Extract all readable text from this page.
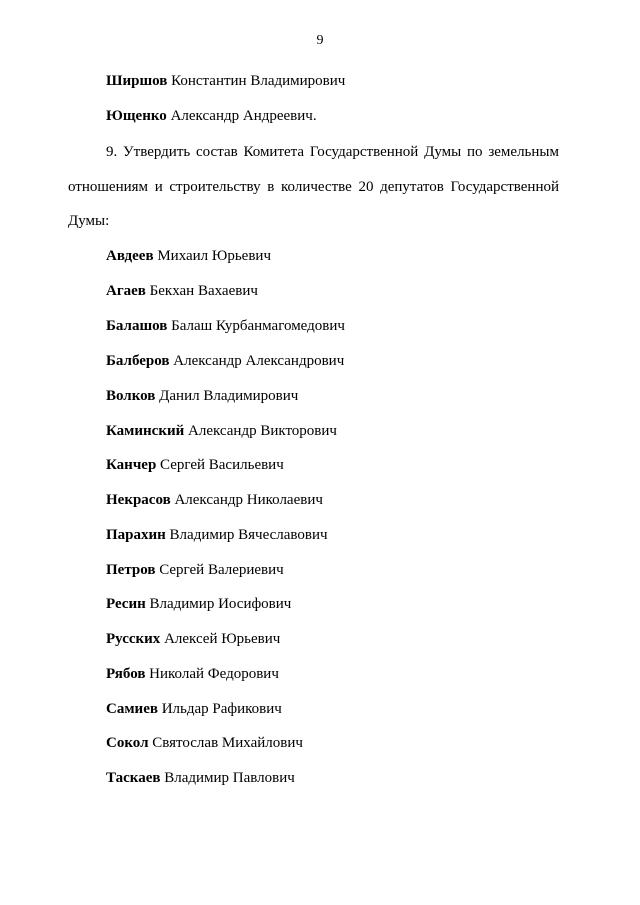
9
Ширшов Константин Владимирович
Ющенко Александр Андреевич.
9. Утвердить состав Комитета Государственной Думы по земельным
отношениям и строительству в количестве 20 депутатов Государственной
Думы:
Авдеев Михаил Юрьевич
Агаев Бекхан Вахаевич
Балашов Балаш Курбанмагомедович
Балберов Александр Александрович
Волков Данил Владимирович
Каминский Александр Викторович
Канчер Сергей Васильевич
Некрасов Александр Николаевич
Парахин Владимир Вячеславович
Петров Сергей Валериевич
Ресин Владимир Иосифович
Русских Алексей Юрьевич
Рябов Николай Федорович
Самиев Ильдар Рафикович
Сокол Святослав Михайлович
Таскаев Владимир Павлович
